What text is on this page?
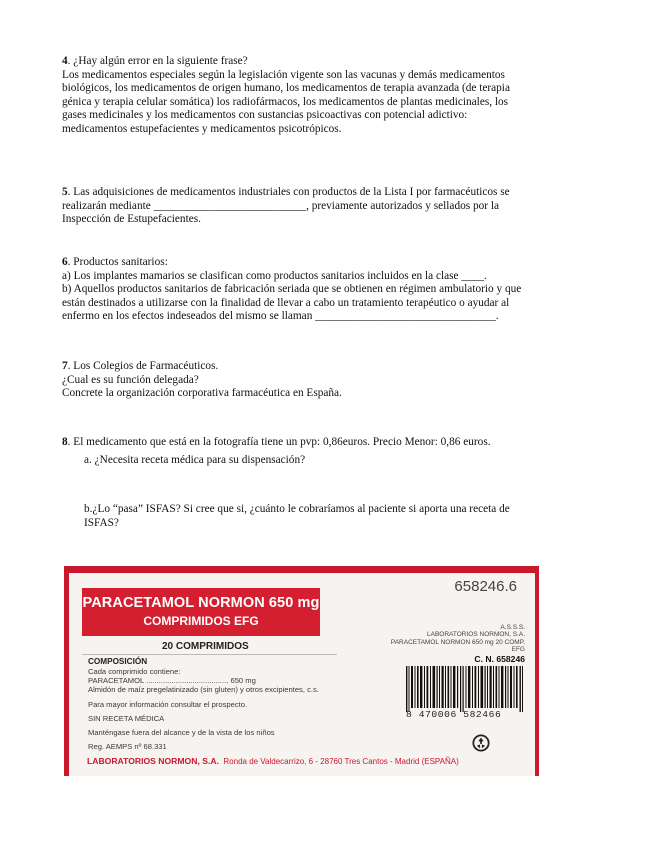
4. ¿Hay algún error en la siguiente frase?
Los medicamentos especiales según la legislación vigente son las vacunas y demás medicamentos
biológicos, los medicamentos de origen humano, los medicamentos de terapia avanzada (de terapia
génica y terapia celular somática) los radiofármacos, los medicamentos de plantas medicinales, los
gases medicinales y los medicamentos con sustancias psicoactivas con potencial adictivo:
medicamentos estupefacientes y medicamentos psicotrópicos.
5. Las adquisiciones de medicamentos industriales con productos de la Lista I por farmacéuticos se
realizarán mediante ___________________________, previamente autorizados y sellados por la
Inspección de Estupefacientes.
6. Productos sanitarios:
a) Los implantes mamarios se clasifican como productos sanitarios incluidos en la clase ____.
b) Aquellos productos sanitarios de fabricación seriada que se obtienen en régimen ambulatorio y que
están destinados a utilizarse con la finalidad de llevar a cabo un tratamiento terapéutico o ayudar al
enfermo en los efectos indeseados del mismo se llaman ________________________________.
7. Los Colegios de Farmacéuticos.
¿Cual es su función delegada?
Concrete la organización corporativa farmacéutica en España.
8. El medicamento que está en la fotografía tiene un pvp: 0,86euros. Precio Menor: 0,86 euros.
a. ¿Necesita receta médica para su dispensación?
b.¿Lo “pasa” ISFAS? Si cree que si, ¿cuánto le cobraríamos al paciente si aporta una receta de
ISFAS?
PARACETAMOL NORMON 650 mg
COMPRIMIDOS EFG
658246.6
20 COMPRIMIDOS
COMPOSICIÓN
Cada comprimido contiene:
PARACETAMOL ....................................... 650 mg
Almidón de maíz pregelatinizado (sin gluten) y otros excipientes, c.s.
Para mayor información consultar el prospecto.
SIN RECETA MÉDICA
Manténgase fuera del alcance y de la vista de los niños
Reg. AEMPS nº 68.331
A.S.S.S.
LABORATORIOS NORMON, S.A.
PARACETAMOL NORMON 650 mg 20 COMP. EFG
C. N. 658246
8 470006 582466
LABORATORIOS NORMON, S.A. Ronda de Valdecarrizo, 6 - 28760 Tres Cantos - Madrid (ESPAÑA)
